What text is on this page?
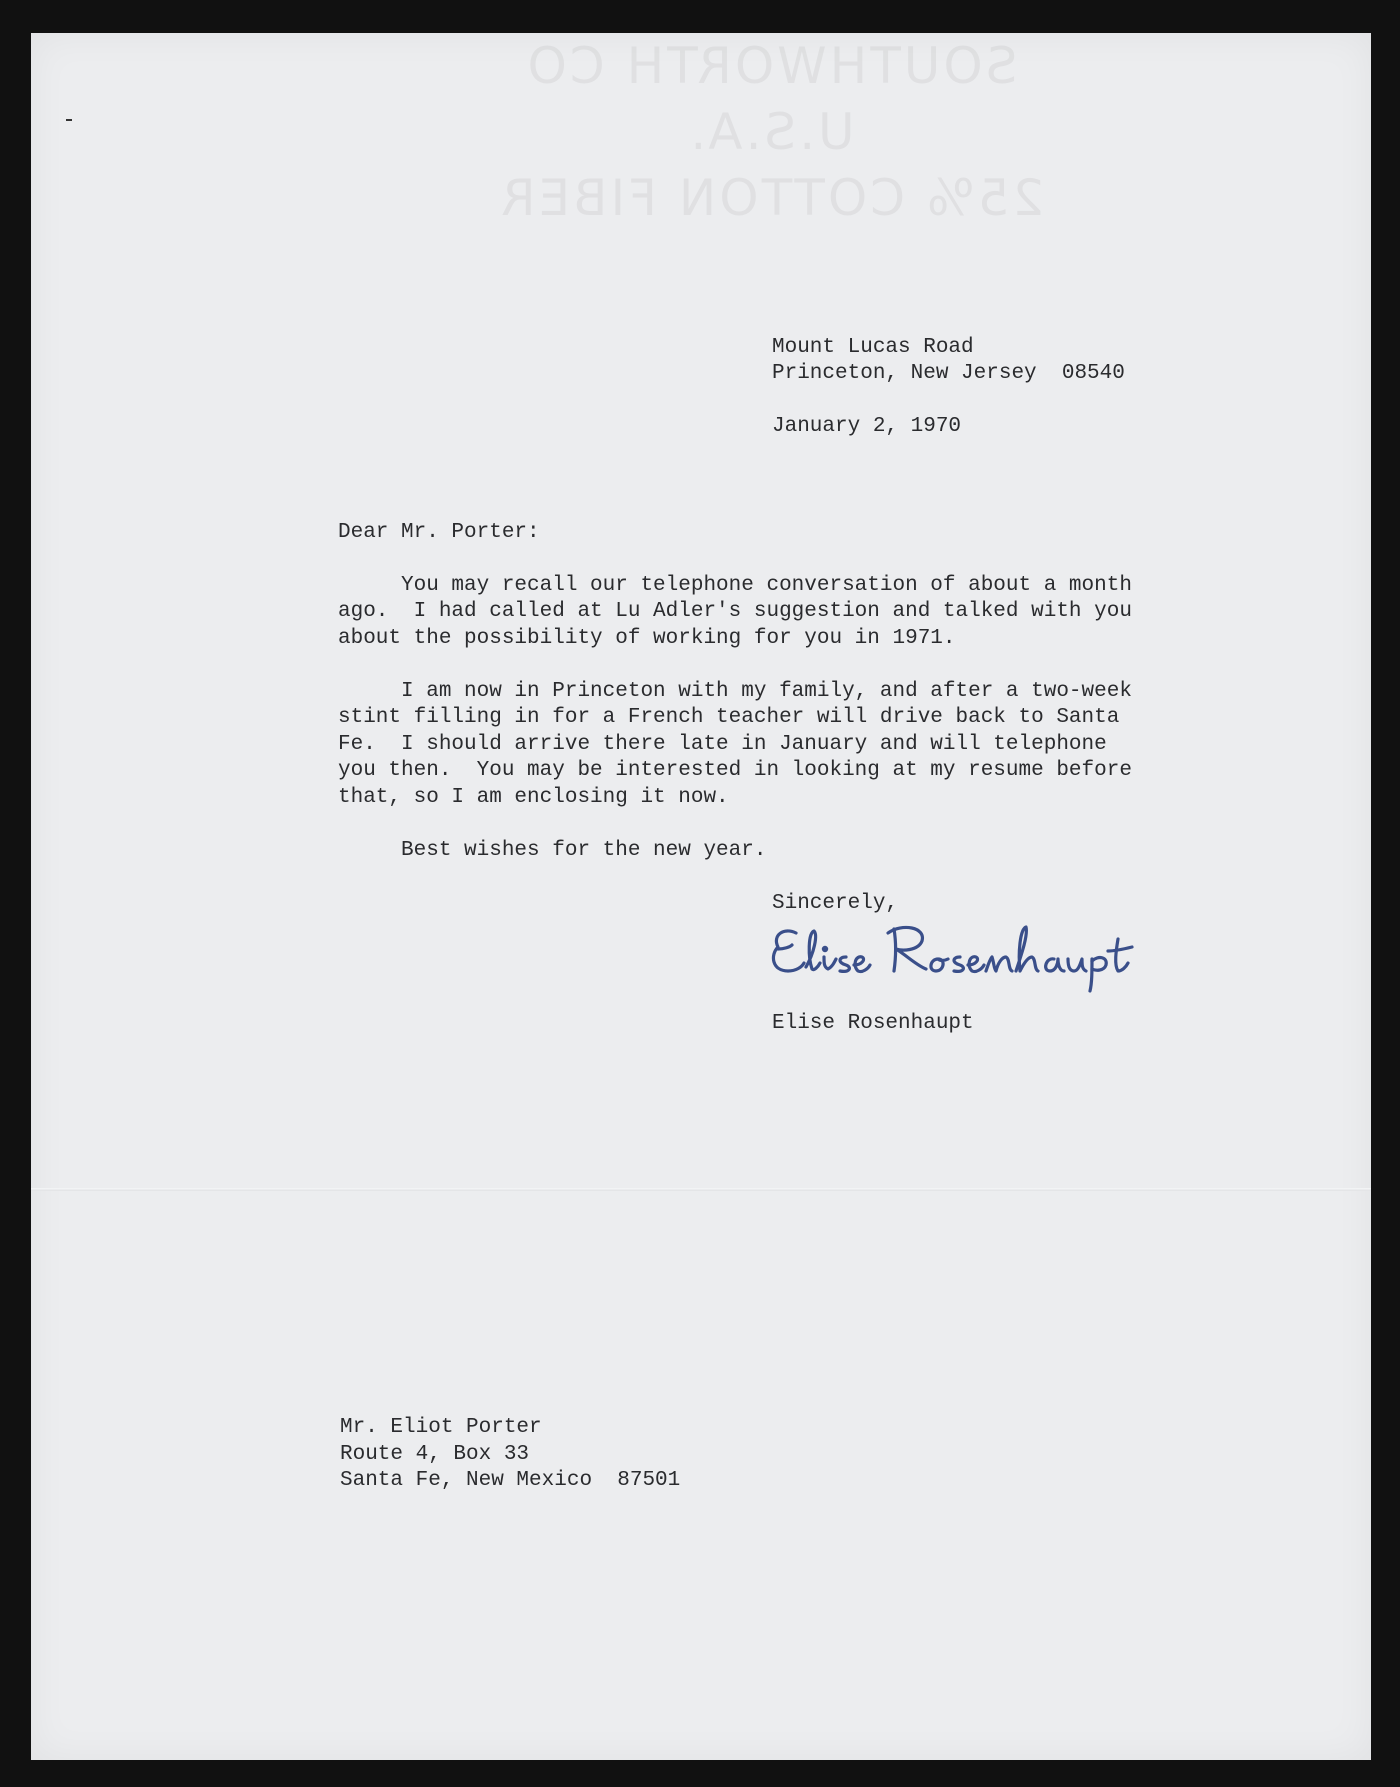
SOUTHWORTH CO U.S.A.
25% COTTON FIBER
Mount Lucas Road
Princeton, New Jersey  08540
January 2, 1970
Dear Mr. Porter:
You may recall our telephone conversation of about a month
ago.  I had called at Lu Adler's suggestion and talked with you
about the possibility of working for you in 1971.
I am now in Princeton with my family, and after a two-week
stint filling in for a French teacher will drive back to Santa
Fe.  I should arrive there late in January and will telephone
you then.  You may be interested in looking at my resume before
that, so I am enclosing it now.
Best wishes for the new year.
Sincerely,
Elise Rosenhaupt
Mr. Eliot Porter
Route 4, Box 33
Santa Fe, New Mexico  87501
